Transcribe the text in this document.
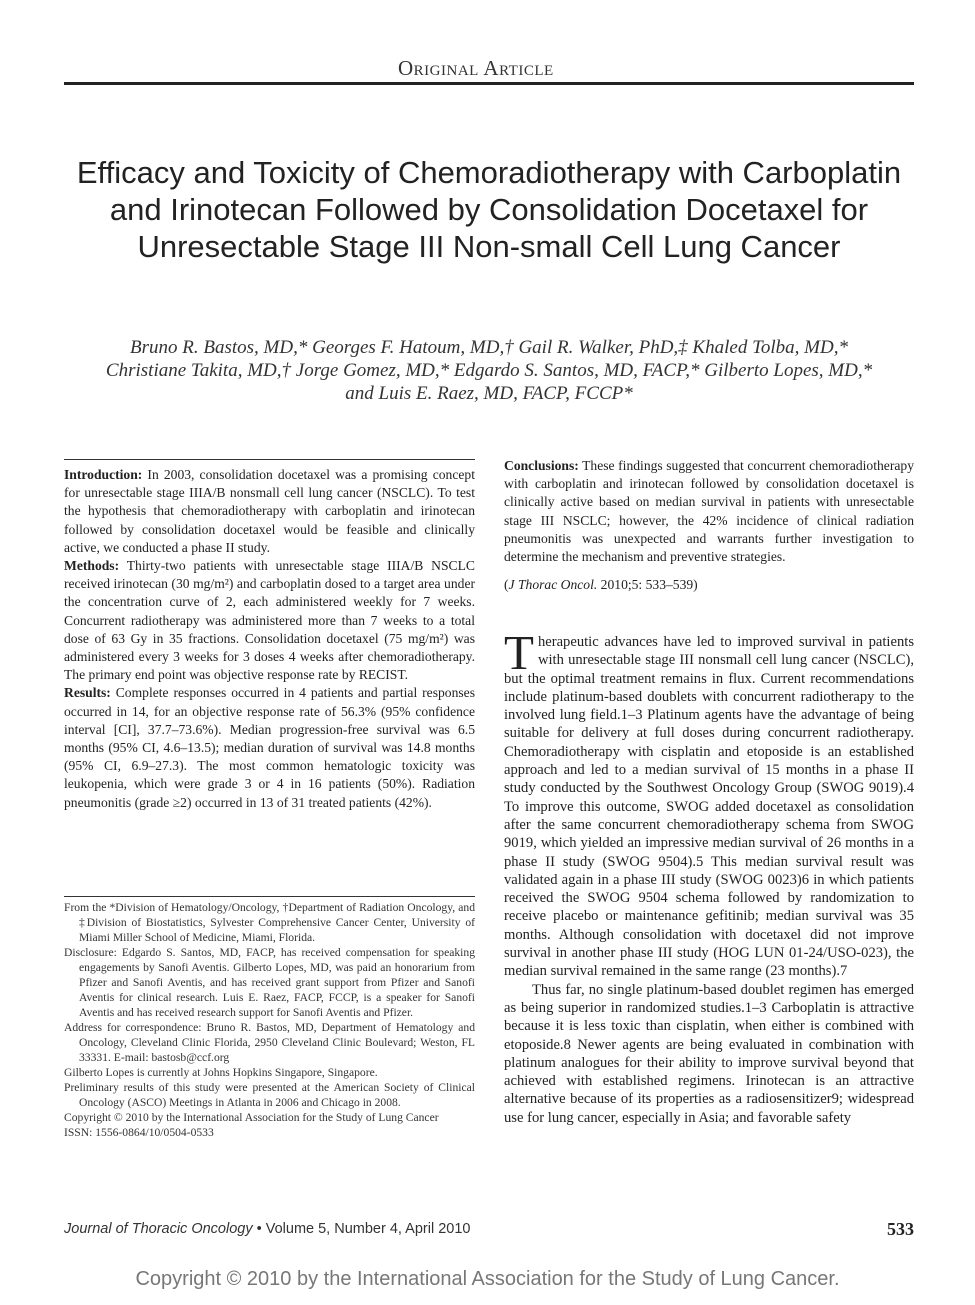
Original Article
Efficacy and Toxicity of Chemoradiotherapy with Carboplatin and Irinotecan Followed by Consolidation Docetaxel for Unresectable Stage III Non-small Cell Lung Cancer
Bruno R. Bastos, MD,* Georges F. Hatoum, MD,† Gail R. Walker, PhD,‡ Khaled Tolba, MD,*
Christiane Takita, MD,† Jorge Gomez, MD,* Edgardo S. Santos, MD, FACP,* Gilberto Lopes, MD,*
and Luis E. Raez, MD, FACP, FCCP*

Introduction: In 2003, consolidation docetaxel was a promising concept for unresectable stage IIIA/B nonsmall cell lung cancer (NSCLC). To test the hypothesis that chemoradiotherapy with carboplatin and irinotecan followed by consolidation docetaxel would be feasible and clinically active, we conducted a phase II study.

Methods: Thirty-two patients with unresectable stage IIIA/B NSCLC received irinotecan (30 mg/m²) and carboplatin dosed to a target area under the concentration curve of 2, each administered weekly for 7 weeks. Concurrent radiotherapy was administered more than 7 weeks to a total dose of 63 Gy in 35 fractions. Consolidation docetaxel (75 mg/m²) was administered every 3 weeks for 3 doses 4 weeks after chemoradiotherapy. The primary end point was objective response rate by RECIST.

Results: Complete responses occurred in 4 patients and partial responses occurred in 14, for an objective response rate of 56.3% (95% confidence interval [CI], 37.7–73.6%). Median progression-free survival was 6.5 months (95% CI, 4.6–13.5); median duration of survival was 14.8 months (95% CI, 6.9–27.3). The most common hematologic toxicity was leukopenia, which were grade 3 or 4 in 16 patients (50%). Radiation pneumonitis (grade ≥2) occurred in 13 of 31 treated patients (42%).

Conclusions: These findings suggested that concurrent chemoradiotherapy with carboplatin and irinotecan followed by consolidation docetaxel is clinically active based on median survival in patients with unresectable stage III NSCLC; however, the 42% incidence of clinical radiation pneumonitis was unexpected and warrants further investigation to determine the mechanism and preventive strategies.

(J Thorac Oncol. 2010;5: 533–539)

Therapeutic advances have led to improved survival in patients with unresectable stage III nonsmall cell lung cancer (NSCLC), but the optimal treatment remains in flux. Current recommendations include platinum-based doublets with concurrent radiotherapy to the involved lung field.1–3 Platinum agents have the advantage of being suitable for delivery at full doses during concurrent radiotherapy. Chemoradiotherapy with cisplatin and etoposide is an established approach and led to a median survival of 15 months in a phase II study conducted by the Southwest Oncology Group (SWOG 9019).4 To improve this outcome, SWOG added docetaxel as consolidation after the same concurrent chemoradiotherapy schema from SWOG 9019, which yielded an impressive median survival of 26 months in a phase II study (SWOG 9504).5 This median survival result was validated again in a phase III study (SWOG 0023)6 in which patients received the SWOG 9504 schema followed by randomization to receive placebo or maintenance gefitinib; median survival was 35 months. Although consolidation with docetaxel did not improve survival in another phase III study (HOG LUN 01-24/USO-023), the median survival remained in the same range (23 months).7

Thus far, no single platinum-based doublet regimen has emerged as being superior in randomized studies.1–3 Carboplatin is attractive because it is less toxic than cisplatin, when either is combined with etoposide.8 Newer agents are being evaluated in combination with platinum analogues for their ability to improve survival beyond that achieved with established regimens. Irinotecan is an attractive alternative because of its properties as a radiosensitizer9; widespread use for lung cancer, especially in Asia; and favorable safety

From the *Division of Hematology/Oncology, †Department of Radiation Oncology, and ‡Division of Biostatistics, Sylvester Comprehensive Cancer Center, University of Miami Miller School of Medicine, Miami, Florida.

Disclosure: Edgardo S. Santos, MD, FACP, has received compensation for speaking engagements by Sanofi Aventis. Gilberto Lopes, MD, was paid an honorarium from Pfizer and Sanofi Aventis, and has received grant support from Pfizer and Sanofi Aventis for clinical research. Luis E. Raez, FACP, FCCP, is a speaker for Sanofi Aventis and has received research support for Sanofi Aventis and Pfizer.

Address for correspondence: Bruno R. Bastos, MD, Department of Hematology and Oncology, Cleveland Clinic Florida, 2950 Cleveland Clinic Boulevard; Weston, FL 33331. E-mail: bastosb@ccf.org

Gilberto Lopes is currently at Johns Hopkins Singapore, Singapore.

Preliminary results of this study were presented at the American Society of Clinical Oncology (ASCO) Meetings in Atlanta in 2006 and Chicago in 2008.

Copyright © 2010 by the International Association for the Study of Lung Cancer

ISSN: 1556-0864/10/0504-0533

Journal of Thoracic Oncology • Volume 5, Number 4, April 2010	533
Copyright © 2010 by the International Association for the Study of Lung Cancer.
